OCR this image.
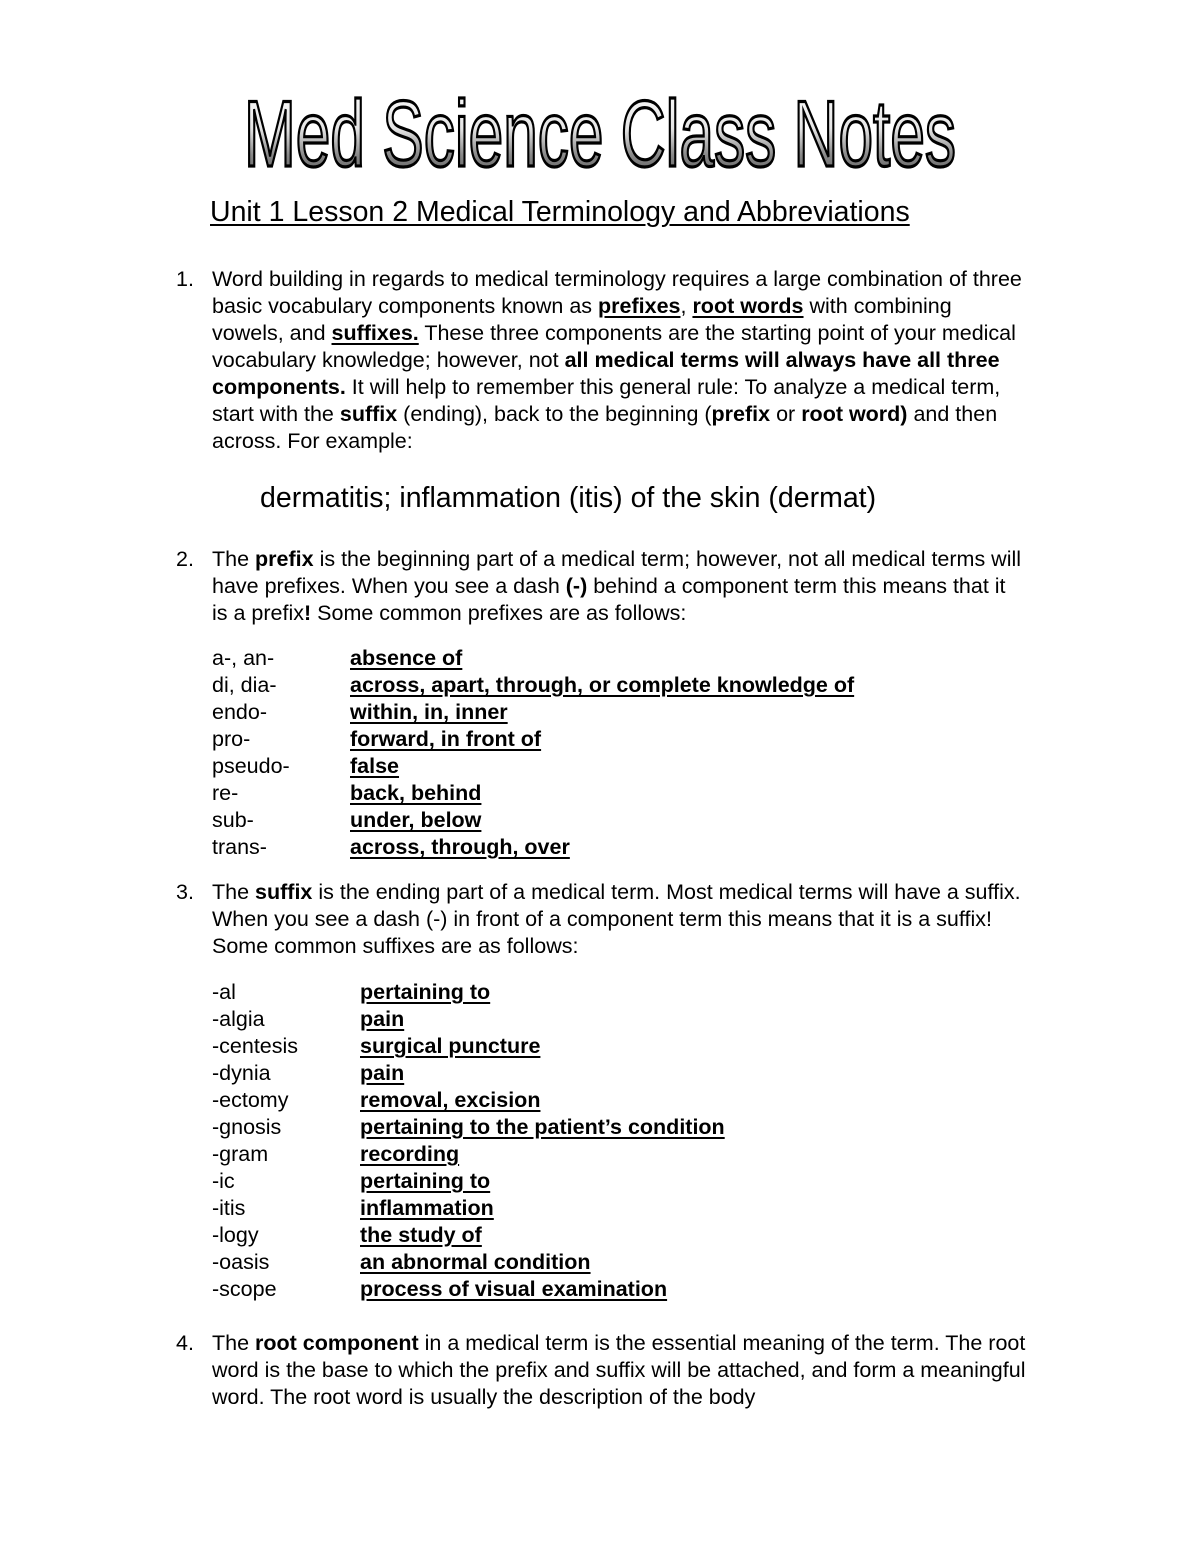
Med Science Class Notes
Unit 1 Lesson 2 Medical Terminology and Abbreviations
1. Word building in regards to medical terminology requires a large combination of three basic vocabulary components known as prefixes, root words with combining vowels, and suffixes. These three components are the starting point of your medical vocabulary knowledge; however, not all medical terms will always have all three components. It will help to remember this general rule: To analyze a medical term, start with the suffix (ending), back to the beginning (prefix or root word) and then across. For example:

dermatitis; inflammation (itis) of the skin (dermat)
2. The prefix is the beginning part of a medical term; however, not all medical terms will have prefixes. When you see a dash (-) behind a component term this means that it is a prefix! Some common prefixes are as follows:

a-, an-	absence of
di, dia-	across, apart, through, or complete knowledge of
endo-	within, in, inner
pro-	forward, in front of
pseudo-	false
re-	back, behind
sub-	under, below
trans-	across, through, over
3. The suffix is the ending part of a medical term. Most medical terms will have a suffix. When you see a dash (-) in front of a component term this means that it is a suffix! Some common suffixes are as follows:

-al	pertaining to
-algia	pain
-centesis	surgical puncture
-dynia	pain
-ectomy	removal, excision
-gnosis	pertaining to the patient’s condition
-gram	recording
-ic	pertaining to
-itis	inflammation
-logy	the study of
-oasis	an abnormal condition
-scope	process of visual examination
4. The root component in a medical term is the essential meaning of the term. The root word is the base to which the prefix and suffix will be attached, and form a meaningful word. The root word is usually the description of the body
